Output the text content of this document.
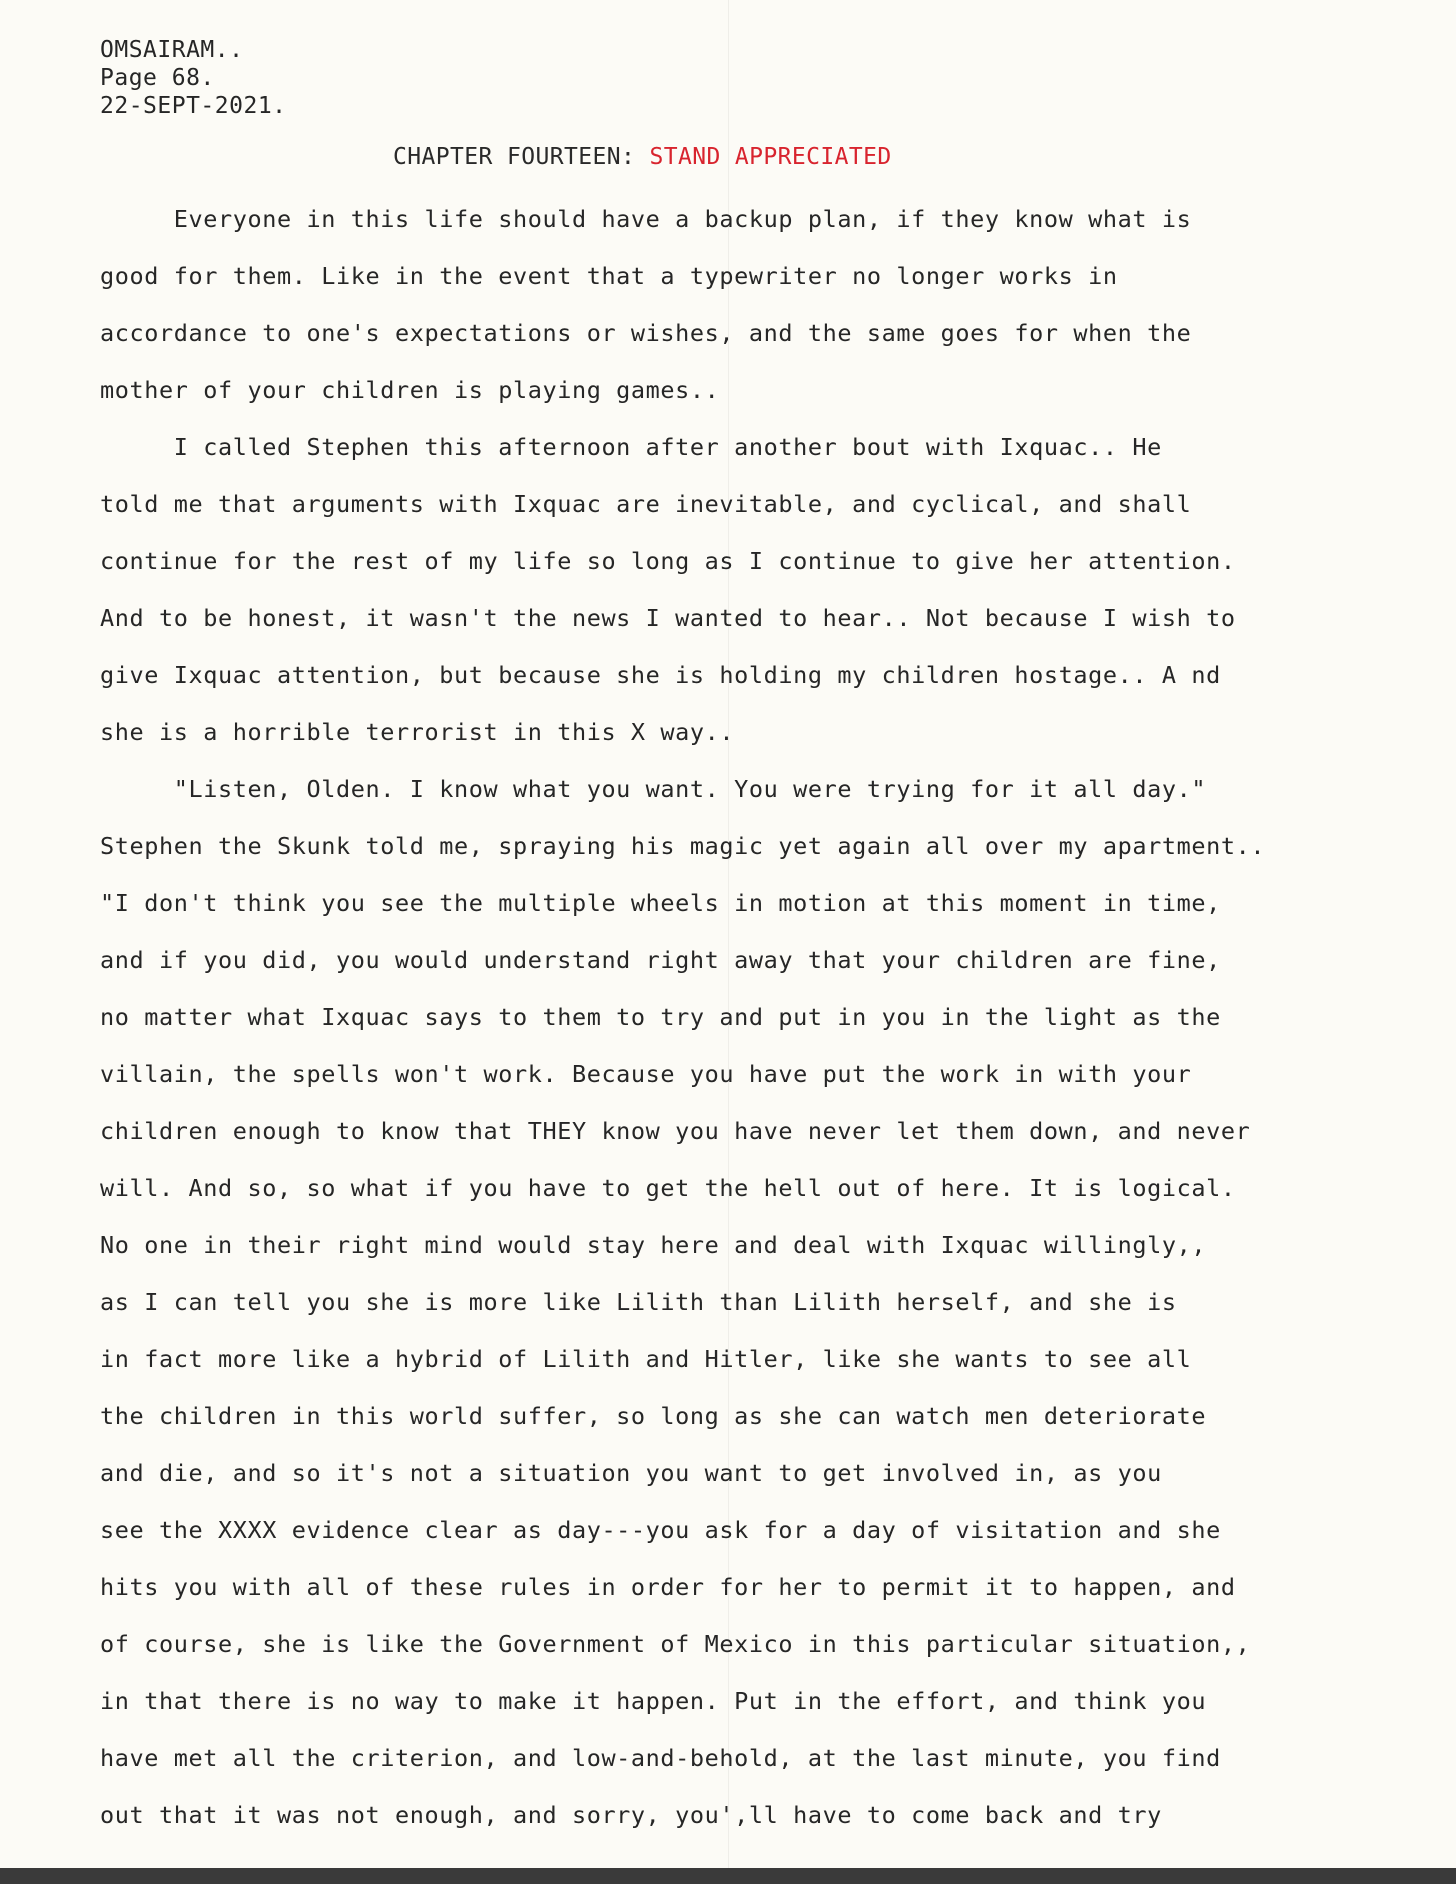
OMSAIRAM..
Page 68.
22-SEPT-2021.
CHAPTER FOURTEEN: STAND APPRECIATED
Everyone in this life should have a backup plan, if they know what is
good for them. Like in the event that a typewriter no longer works in
accordance to one's expectations or wishes, and the same goes for when the
mother of your children is playing games..
I called Stephen this afternoon after another bout with Ixquac.. He
told me that arguments with Ixquac are inevitable, and cyclical, and shall
continue for the rest of my life so long as I continue to give her attention.
And to be honest, it wasn't the news I wanted to hear.. Not because I wish to
give Ixquac attention, but because she is holding my children hostage.. A nd
she is a horrible terrorist in this X way..
"Listen, Olden. I know what you want. You were trying for it all day."
Stephen the Skunk told me, spraying his magic yet again all over my apartment..
"I don't think you see the multiple wheels in motion at this moment in time,
and if you did, you would understand right away that your children are fine,
no matter what Ixquac says to them to try and put in you in the light as the
villain, the spells won't work. Because you have put the work in with your
children enough to know that THEY know you have never let them down, and never
will. And so, so what if you have to get the hell out of here. It is logical.
No one in their right mind would stay here and deal with Ixquac willingly,,
as I can tell you she is more like Lilith than Lilith herself, and she is
in fact more like a hybrid of Lilith and Hitler, like she wants to see all
the children in this world suffer, so long as she can watch men deteriorate
and die, and so it's not a situation you want to get involved in, as you
see the XXXX evidence clear as day---you ask for a day of visitation and she
hits you with all of these rules in order for her to permit it to happen, and
of course, she is like the Government of Mexico in this particular situation,,
in that there is no way to make it happen. Put in the effort, and think you
have met all the criterion, and low-and-behold, at the last minute, you find
out that it was not enough, and sorry, you',ll have to come back and try
